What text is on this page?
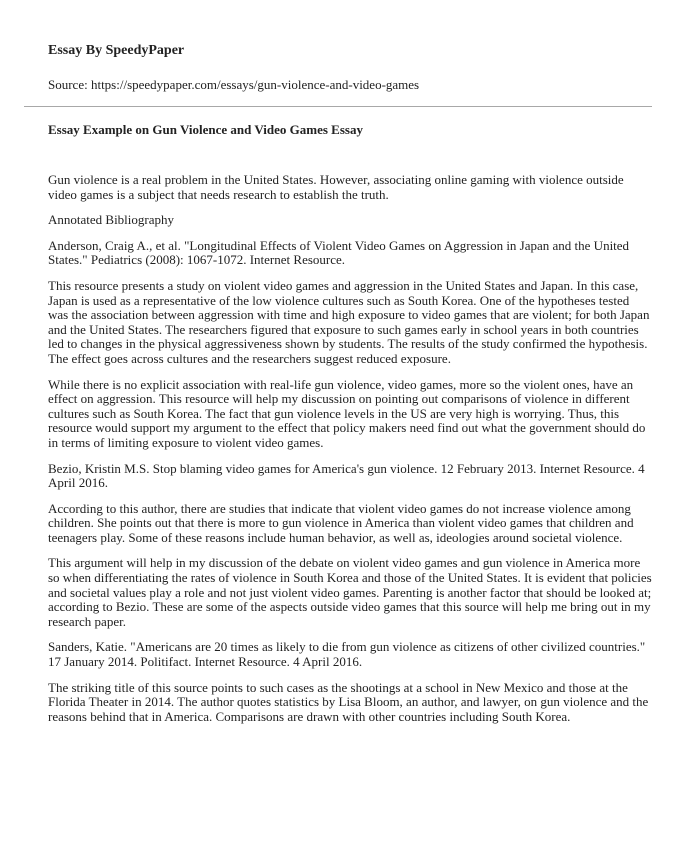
Essay By SpeedyPaper
Source: https://speedypaper.com/essays/gun-violence-and-video-games
Essay Example on Gun Violence and Video Games Essay

Gun violence is a real problem in the United States. However, associating online gaming with violence outside video games is a subject that needs research to establish the truth.

Annotated Bibliography

Anderson, Craig A., et al. "Longitudinal Effects of Violent Video Games on Aggression in Japan and the United States." Pediatrics (2008): 1067-1072. Internet Resource.

This resource presents a study on violent video games and aggression in the United States and Japan. In this case, Japan is used as a representative of the low violence cultures such as South Korea. One of the hypotheses tested was the association between aggression with time and high exposure to video games that are violent; for both Japan and the United States. The researchers figured that exposure to such games early in school years in both countries led to changes in the physical aggressiveness shown by students. The results of the study confirmed the hypothesis. The effect goes across cultures and the researchers suggest reduced exposure.

While there is no explicit association with real-life gun violence, video games, more so the violent ones, have an effect on aggression. This resource will help my discussion on pointing out comparisons of violence in different cultures such as South Korea. The fact that gun violence levels in the US are very high is worrying. Thus, this resource would support my argument to the effect that policy makers need find out what the government should do in terms of limiting exposure to violent video games.

Bezio, Kristin M.S. Stop blaming video games for America's gun violence. 12 February 2013. Internet Resource. 4 April 2016.

According to this author, there are studies that indicate that violent video games do not increase violence among children. She points out that there is more to gun violence in America than violent video games that children and teenagers play. Some of these reasons include human behavior, as well as, ideologies around societal violence.

This argument will help in my discussion of the debate on violent video games and gun violence in America more so when differentiating the rates of violence in South Korea and those of the United States. It is evident that policies and societal values play a role and not just violent video games. Parenting is another factor that should be looked at; according to Bezio. These are some of the aspects outside video games that this source will help me bring out in my research paper.

Sanders, Katie. "Americans are 20 times as likely to die from gun violence as citizens of other civilized countries." 17 January 2014. Politifact. Internet Resource. 4 April 2016.

The striking title of this source points to such cases as the shootings at a school in New Mexico and those at the Florida Theater in 2014. The author quotes statistics by Lisa Bloom, an author, and lawyer, on gun violence and the reasons behind that in America. Comparisons are drawn with other countries including South Korea.
